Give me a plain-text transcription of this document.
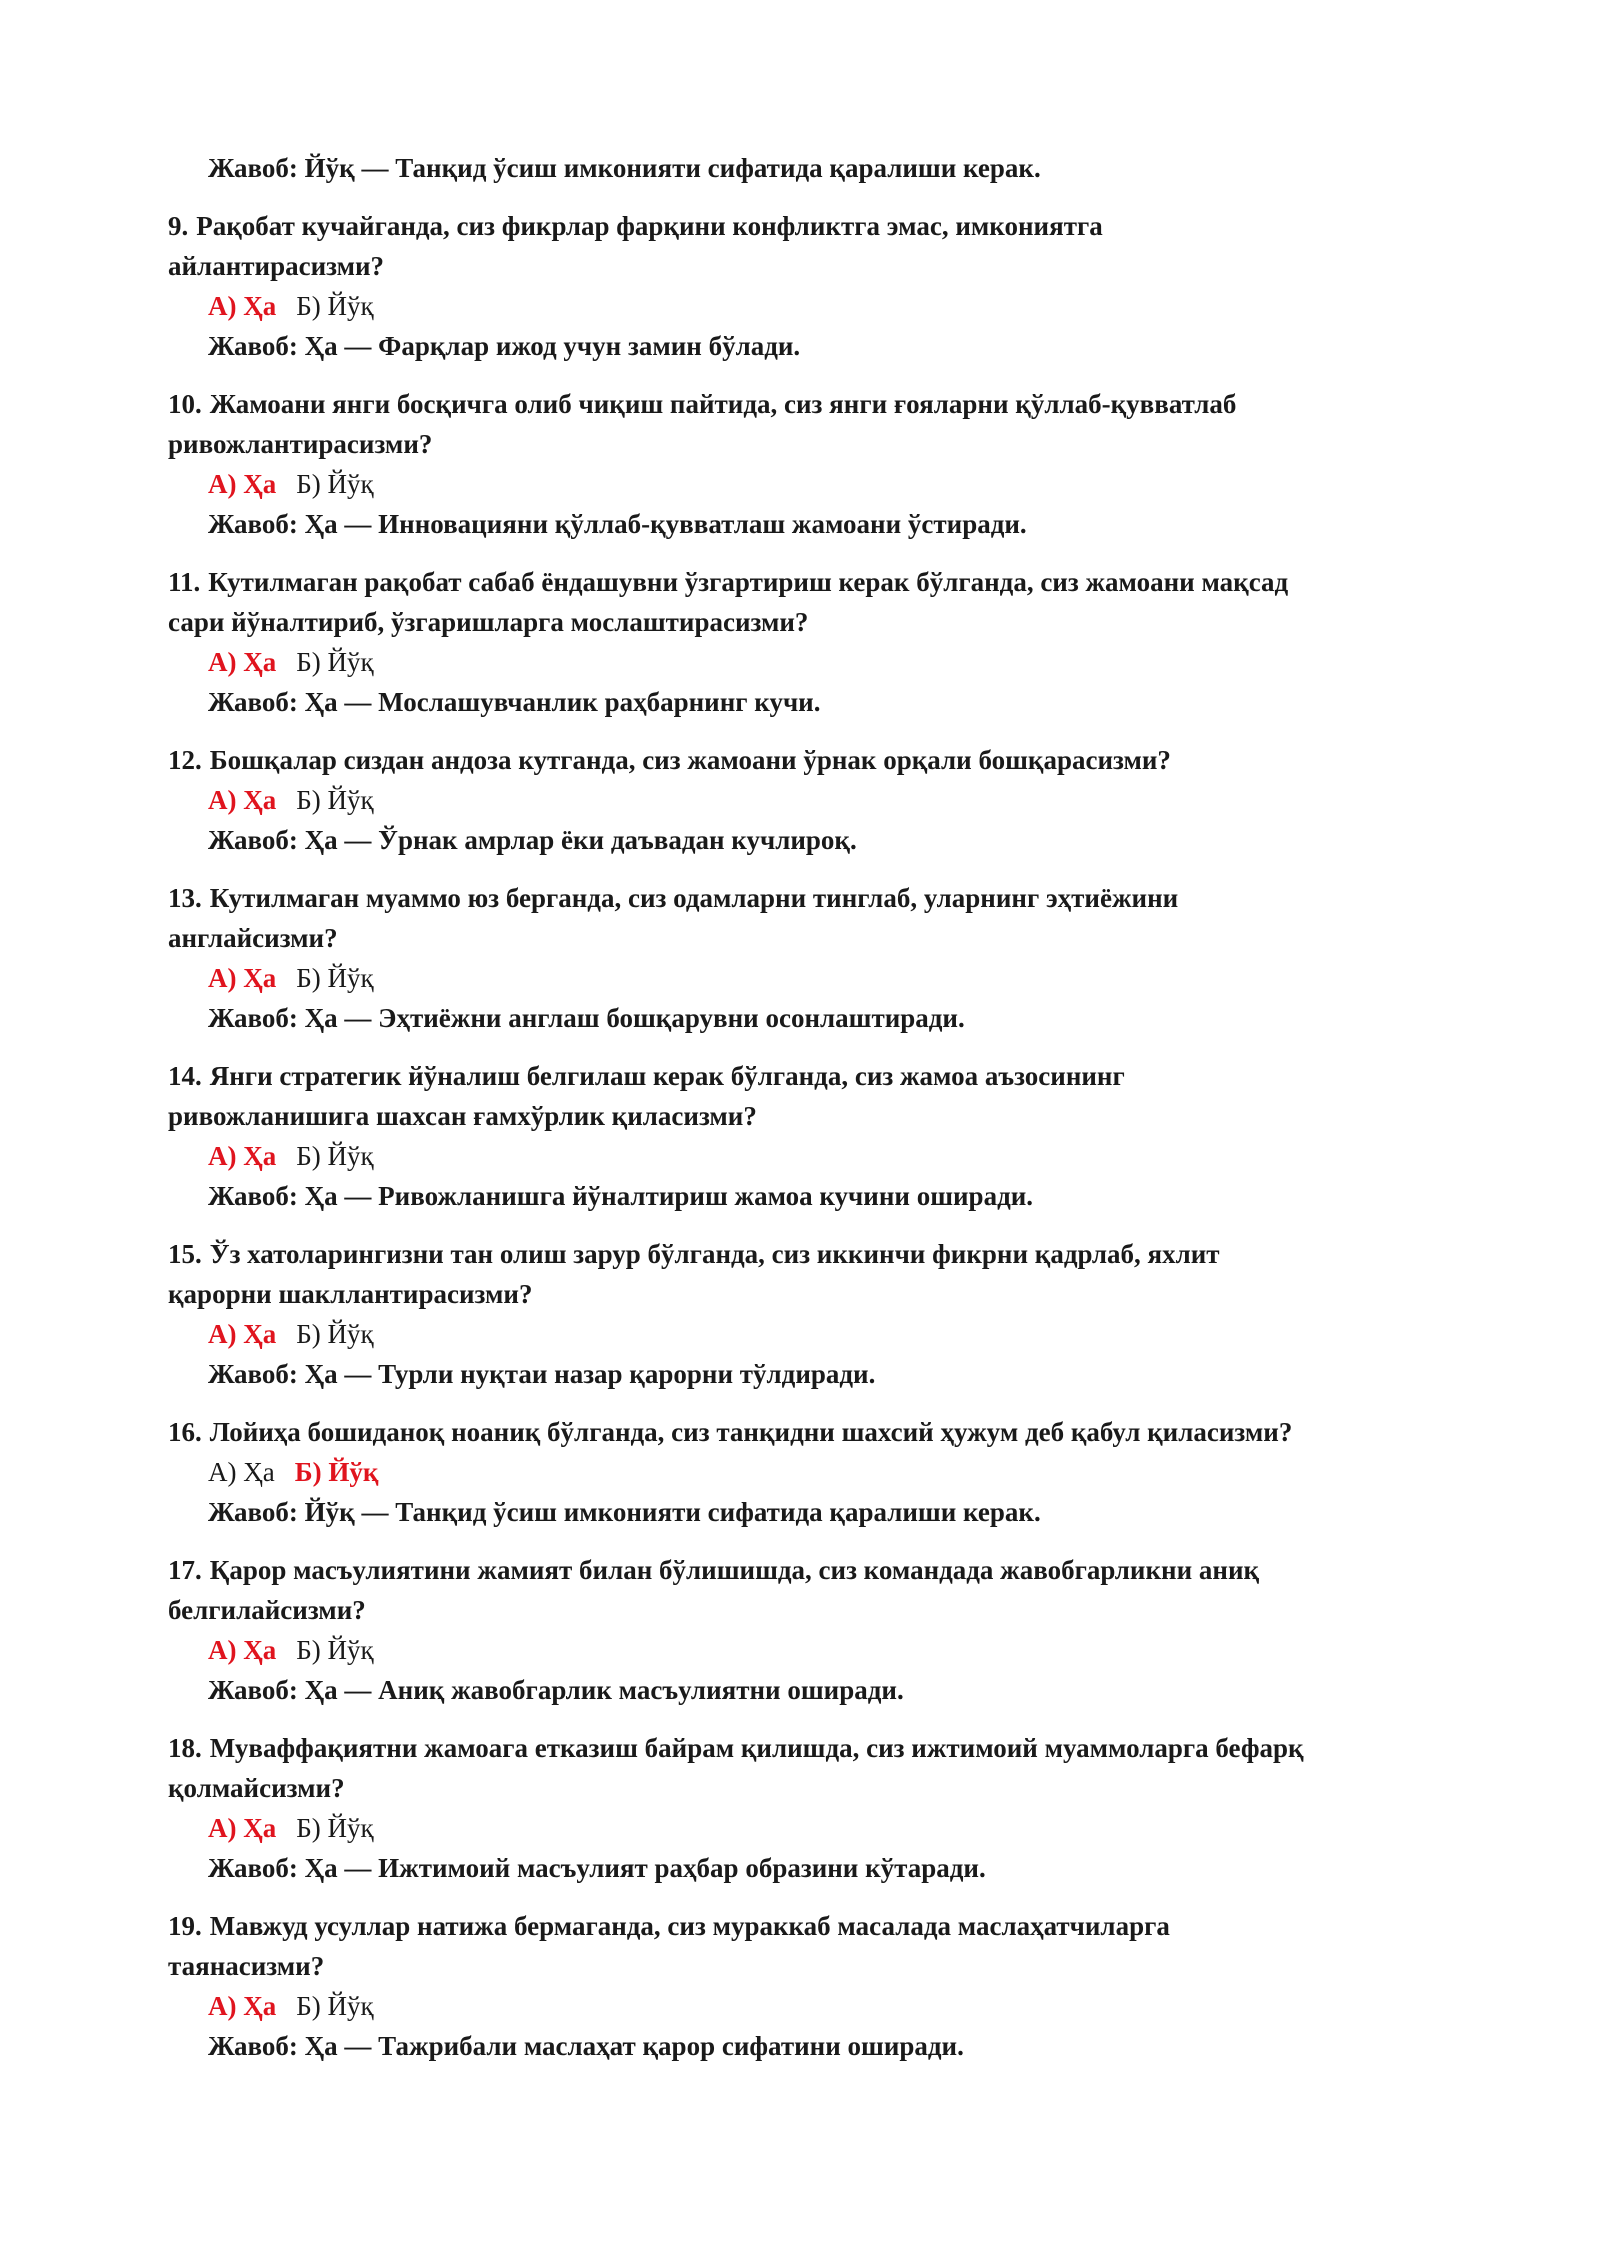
Жавоб: Йўқ — Танқид ўсиш имконияти сифатида қаралиши керак.
9. Рақобат кучайганда, сиз фикрлар фарқини конфликтга эмас, имкониятга
айлантирасизми?
А) Ҳа Б) Йўқ
Жавоб: Ҳа — Фарқлар ижод учун замин бўлади.
10. Жамоани янги босқичга олиб чиқиш пайтида, сиз янги ғояларни қўллаб-қувватлаб
ривожлантирасизми?
А) Ҳа Б) Йўқ
Жавоб: Ҳа — Инновацияни қўллаб-қувватлаш жамоани ўстиради.
11. Кутилмаган рақобат сабаб ёндашувни ўзгартириш керак бўлганда, сиз жамоани мақсад
сари йўналтириб, ўзгаришларга мослаштирасизми?
А) Ҳа Б) Йўқ
Жавоб: Ҳа — Мослашувчанлик раҳбарнинг кучи.
12. Бошқалар сиздан андоза кутганда, сиз жамоани ўрнак орқали бошқарасизми?
А) Ҳа Б) Йўқ
Жавоб: Ҳа — Ўрнак амрлар ёки даъвадан кучлироқ.
13. Кутилмаган муаммо юз берганда, сиз одамларни тинглаб, уларнинг эҳтиёжини
англайсизми?
А) Ҳа Б) Йўқ
Жавоб: Ҳа — Эҳтиёжни англаш бошқарувни осонлаштиради.
14. Янги стратегик йўналиш белгилаш керак бўлганда, сиз жамоа аъзосининг
ривожланишига шахсан ғамхўрлик қиласизми?
А) Ҳа Б) Йўқ
Жавоб: Ҳа — Ривожланишга йўналтириш жамоа кучини оширади.
15. Ўз хатоларингизни тан олиш зарур бўлганда, сиз иккинчи фикрни қадрлаб, яхлит
қарорни шакллантирасизми?
А) Ҳа Б) Йўқ
Жавоб: Ҳа — Турли нуқтаи назар қарорни тўлдиради.
16. Лойиҳа бошиданоқ ноаниқ бўлганда, сиз танқидни шахсий ҳужум деб қабул қиласизми?
А) Ҳа Б) Йўқ
Жавоб: Йўқ — Танқид ўсиш имконияти сифатида қаралиши керак.
17. Қарор масъулиятини жамият билан бўлишишда, сиз командада жавобгарликни аниқ
белгилайсизми?
А) Ҳа Б) Йўқ
Жавоб: Ҳа — Аниқ жавобгарлик масъулиятни оширади.
18. Муваффақиятни жамоага етказиш байрам қилишда, сиз ижтимоий муаммоларга бефарқ
қолмайсизми?
А) Ҳа Б) Йўқ
Жавоб: Ҳа — Ижтимоий масъулият раҳбар образини кўтаради.
19. Мавжуд усуллар натижа бермаганда, сиз мураккаб масалада маслаҳатчиларга
таянасизми?
А) Ҳа Б) Йўқ
Жавоб: Ҳа — Тажрибали маслаҳат қарор сифатини оширади.
